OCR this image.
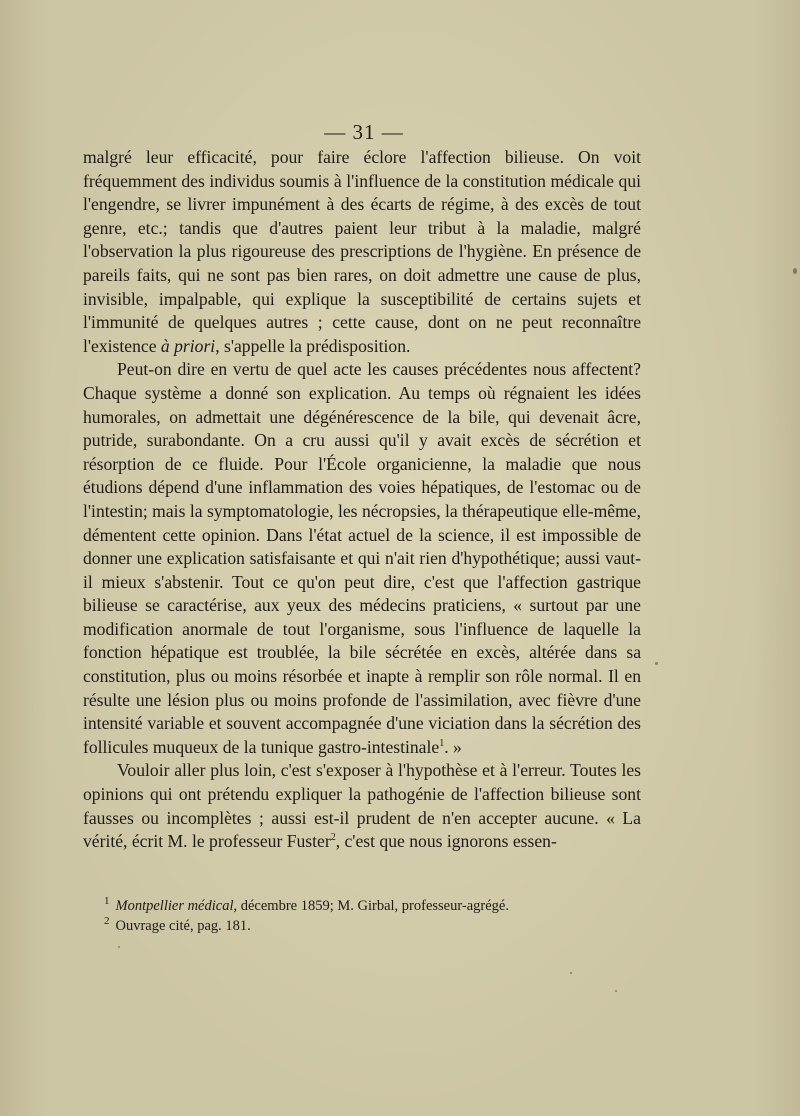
— 31 —

malgré leur efficacité, pour faire éclore l'affection bilieuse. On voit fréquemment des individus soumis à l'influence de la constitution médicale qui l'engendre, se livrer impunément à des écarts de régime, à des excès de tout genre, etc.; tandis que d'autres paient leur tribut à la maladie, malgré l'observation la plus rigoureuse des prescriptions de l'hygiène. En présence de pareils faits, qui ne sont pas bien rares, on doit admettre une cause de plus, invisible, impalpable, qui explique la susceptibilité de certains sujets et l'immunité de quelques autres ; cette cause, dont on ne peut reconnaître l'existence à priori, s'appelle la prédisposition.

Peut-on dire en vertu de quel acte les causes précédentes nous affectent? Chaque système a donné son explication. Au temps où régnaient les idées humorales, on admettait une dégénérescence de la bile, qui devenait âcre, putride, surabondante. On a cru aussi qu'il y avait excès de sécrétion et résorption de ce fluide. Pour l'École organicienne, la maladie que nous étudions dépend d'une inflammation des voies hépatiques, de l'estomac ou de l'intestin; mais la symptomatologie, les nécropsies, la thérapeutique elle-même, démentent cette opinion. Dans l'état actuel de la science, il est impossible de donner une explication satisfaisante et qui n'ait rien d'hypothétique; aussi vaut-il mieux s'abstenir. Tout ce qu'on peut dire, c'est que l'affection gastrique bilieuse se caractérise, aux yeux des médecins praticiens, « surtout par une modification anormale de tout l'organisme, sous l'influence de laquelle la fonction hépatique est troublée, la bile sécrétée en excès, altérée dans sa constitution, plus ou moins résorbée et inapte à remplir son rôle normal. Il en résulte une lésion plus ou moins profonde de l'assimilation, avec fièvre d'une intensité variable et souvent accompagnée d'une viciation dans la sécrétion des follicules muqueux de la tunique gastro-intestinale$^1$. »

Vouloir aller plus loin, c'est s'exposer à l'hypothèse et à l'erreur. Toutes les opinions qui ont prétendu expliquer la pathogénie de l'affection bilieuse sont fausses ou incomplètes ; aussi est-il prudent de n'en accepter aucune. « La vérité, écrit M. le professeur Fuster$^2$, c'est que nous ignorons essen-

$^1$ Montpellier médical, décembre 1859; M. Girbal, professeur-agrégé.

$^2$ Ouvrage cité, pag. 181.
